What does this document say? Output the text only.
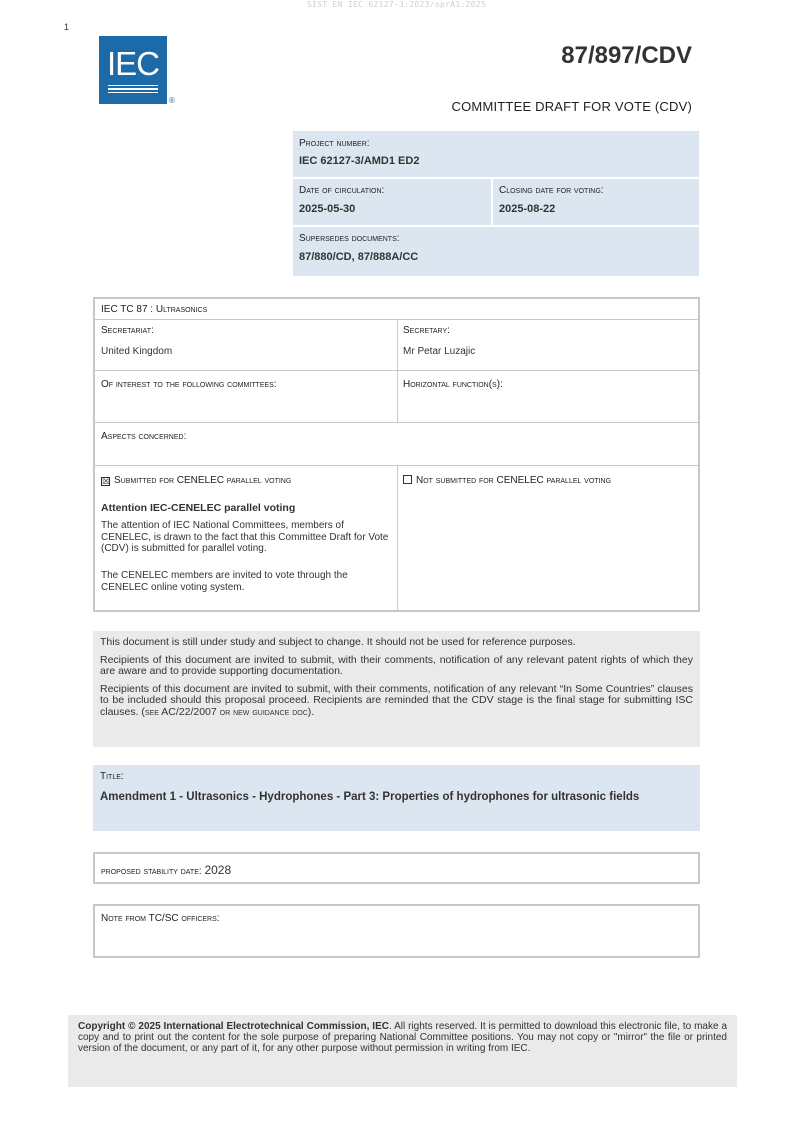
SIST EN IEC 62127-3:2023/oprA1:2025
1
IEC
®
87/897/CDV
COMMITTEE DRAFT FOR VOTE (CDV)
Project number:
IEC 62127-3/AMD1 ED2
Date of circulation:
2025-05-30
Closing date for voting:
2025-08-22
Supersedes documents:
87/880/CD, 87/888A/CC
IEC TC 87 : Ultrasonics
Secretariat:
United Kingdom
Secretary:
Mr Petar Luzajic
Of interest to the following committees:	Horizontal function(s):
Aspects concerned:
☒ Submitted for CENELEC parallel voting	Not submitted for CENELEC parallel voting
Attention IEC-CENELEC parallel voting
The attention of IEC National Committees, members of CENELEC, is drawn to the fact that this Committee Draft for Vote (CDV) is submitted for parallel voting.
The CENELEC members are invited to vote through the CENELEC online voting system.

This document is still under study and subject to change. It should not be used for reference purposes.

Recipients of this document are invited to submit, with their comments, notification of any relevant patent rights of which they are aware and to provide supporting documentation.

Recipients of this document are invited to submit, with their comments, notification of any relevant “In Some Countries” clauses to be included should this proposal proceed. Recipients are reminded that the CDV stage is the final stage for submitting ISC clauses. (see AC/22/2007 or new guidance doc).

Title:
Amendment 1 - Ultrasonics - Hydrophones - Part 3: Properties of hydrophones for ultrasonic fields
proposed stability date: 2028
Note from TC/SC officers:
Copyright © 2025 International Electrotechnical Commission, IEC. All rights reserved. It is permitted to download this electronic file, to make a copy and to print out the content for the sole purpose of preparing National Committee positions. You may not copy or "mirror" the file or printed version of the document, or any part of it, for any other purpose without permission in writing from IEC.
